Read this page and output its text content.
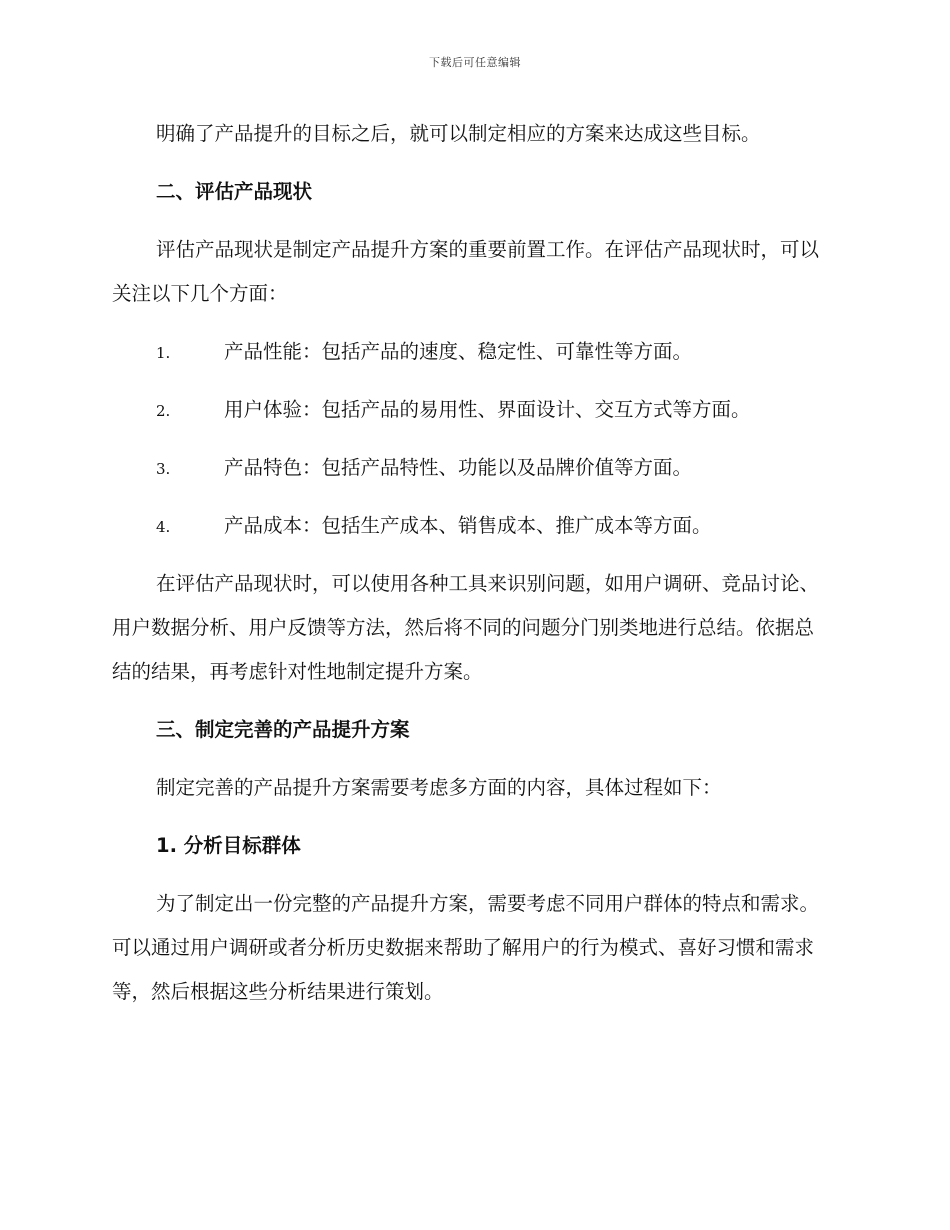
下载后可任意编辑

明确了产品提升的目标之后，就可以制定相应的方案来达成这些目标。

二、评估产品现状

评估产品现状是制定产品提升方案的重要前置工作。在评估产品现状时，可以关注以下几个方面：

1.	产品性能：包括产品的速度、稳定性、可靠性等方面。
2.	用户体验：包括产品的易用性、界面设计、交互方式等方面。
3.	产品特色：包括产品特性、功能以及品牌价值等方面。
4.	产品成本：包括生产成本、销售成本、推广成本等方面。

在评估产品现状时，可以使用各种工具来识别问题，如用户调研、竞品讨论、用户数据分析、用户反馈等方法，然后将不同的问题分门别类地进行总结。依据总结的结果，再考虑针对性地制定提升方案。

三、制定完善的产品提升方案

制定完善的产品提升方案需要考虑多方面的内容，具体过程如下：

1. 分析目标群体

为了制定出一份完整的产品提升方案，需要考虑不同用户群体的特点和需求。可以通过用户调研或者分析历史数据来帮助了解用户的行为模式、喜好习惯和需求等，然后根据这些分析结果进行策划。
